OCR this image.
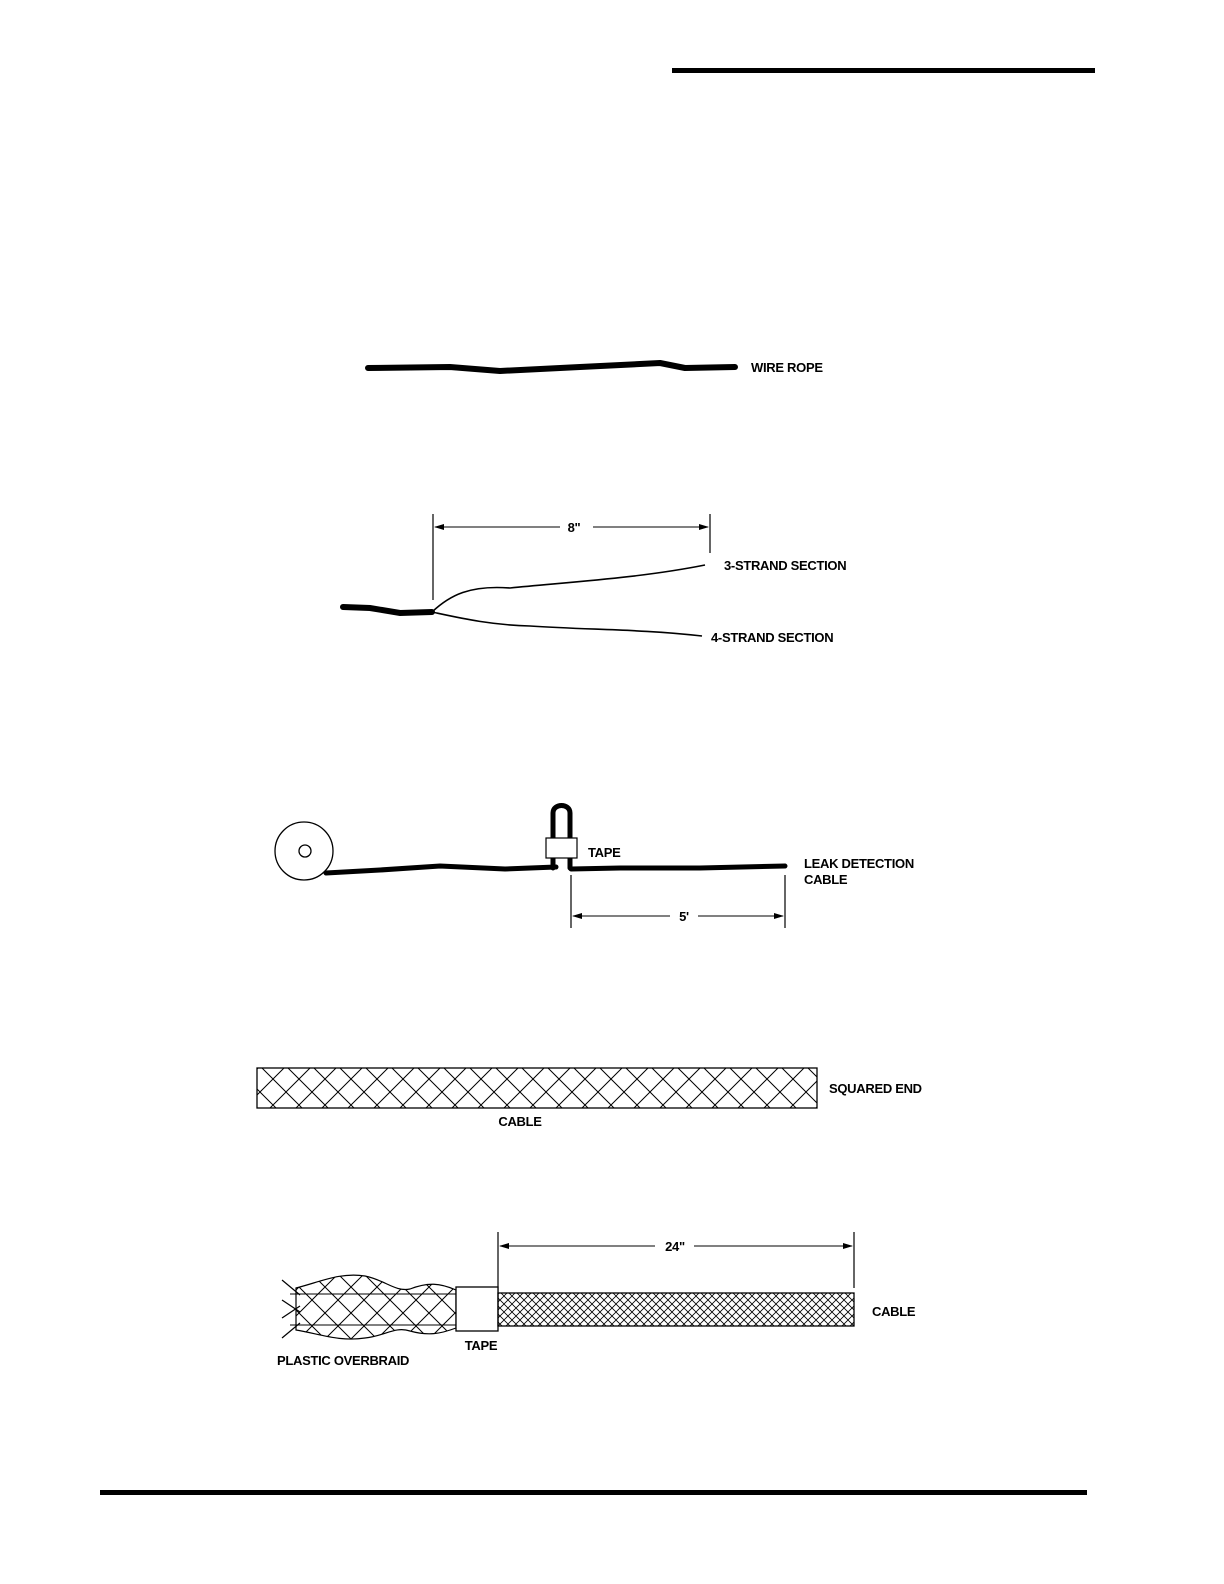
WIRE ROPE
8"
3-STRAND SECTION
4-STRAND SECTION
TAPE
LEAK DETECTION
CABLE
5'
SQUARED END
CABLE
24"
CABLE
TAPE
PLASTIC OVERBRAID
